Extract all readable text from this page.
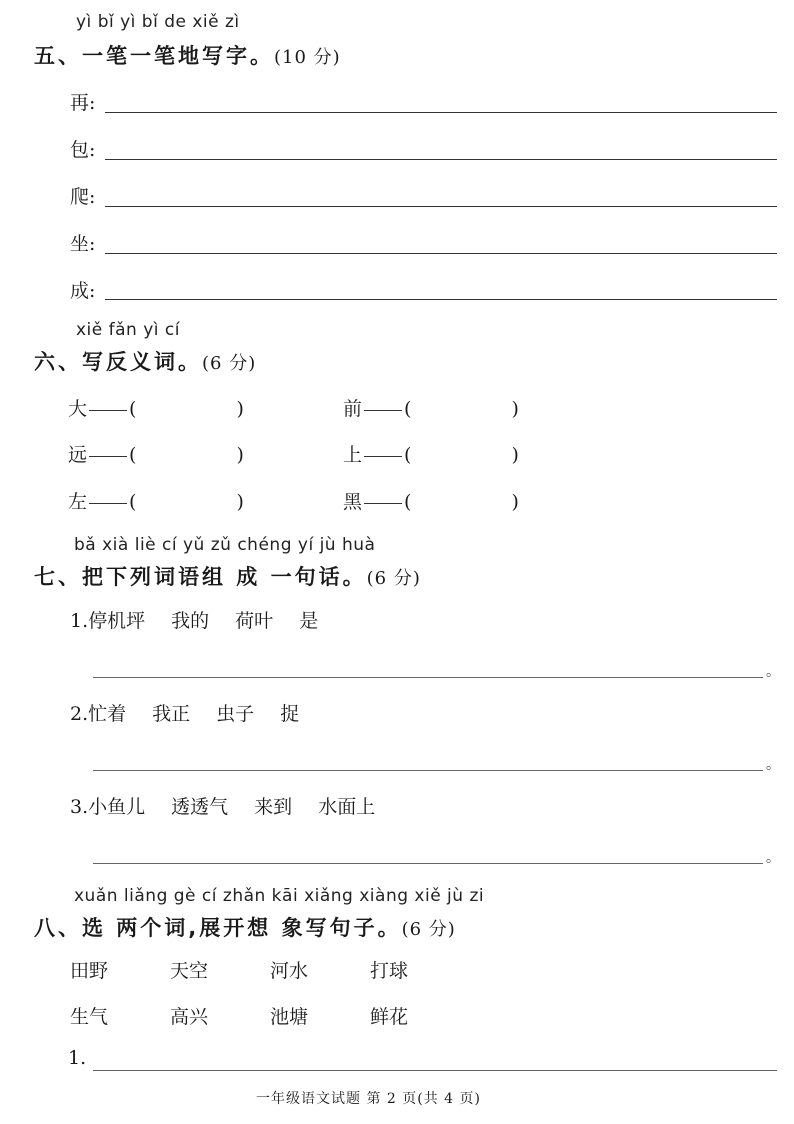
yì bǐ yì bǐ de xiě zì
五、一笔一笔地写字。(10 分)
再:
包:
爬:
坐:
成:
xiě fǎn yì cí
六、写反义词。(6 分)
大 (	)	前 (	)
远 (	)	上 (	)
左 (	)	黑 (	)
bǎ xià liè cí yǔ zǔ chéng yí jù huà
七、把下列词语组 成 一句话。(6 分)
1.停机坪 我的 荷叶 是
。
2.忙着 我正 虫子 捉
。
3.小鱼儿 透透气 来到 水面上
。
xuǎn liǎng gè cí zhǎn kāi xiǎng xiàng xiě jù zi
八、选 两个词,展开想 象写句子。(6 分)
田野	天空	河水	打球
生气	高兴	池塘	鲜花
1.
一年级语文试题 第 2 页(共 4 页)
